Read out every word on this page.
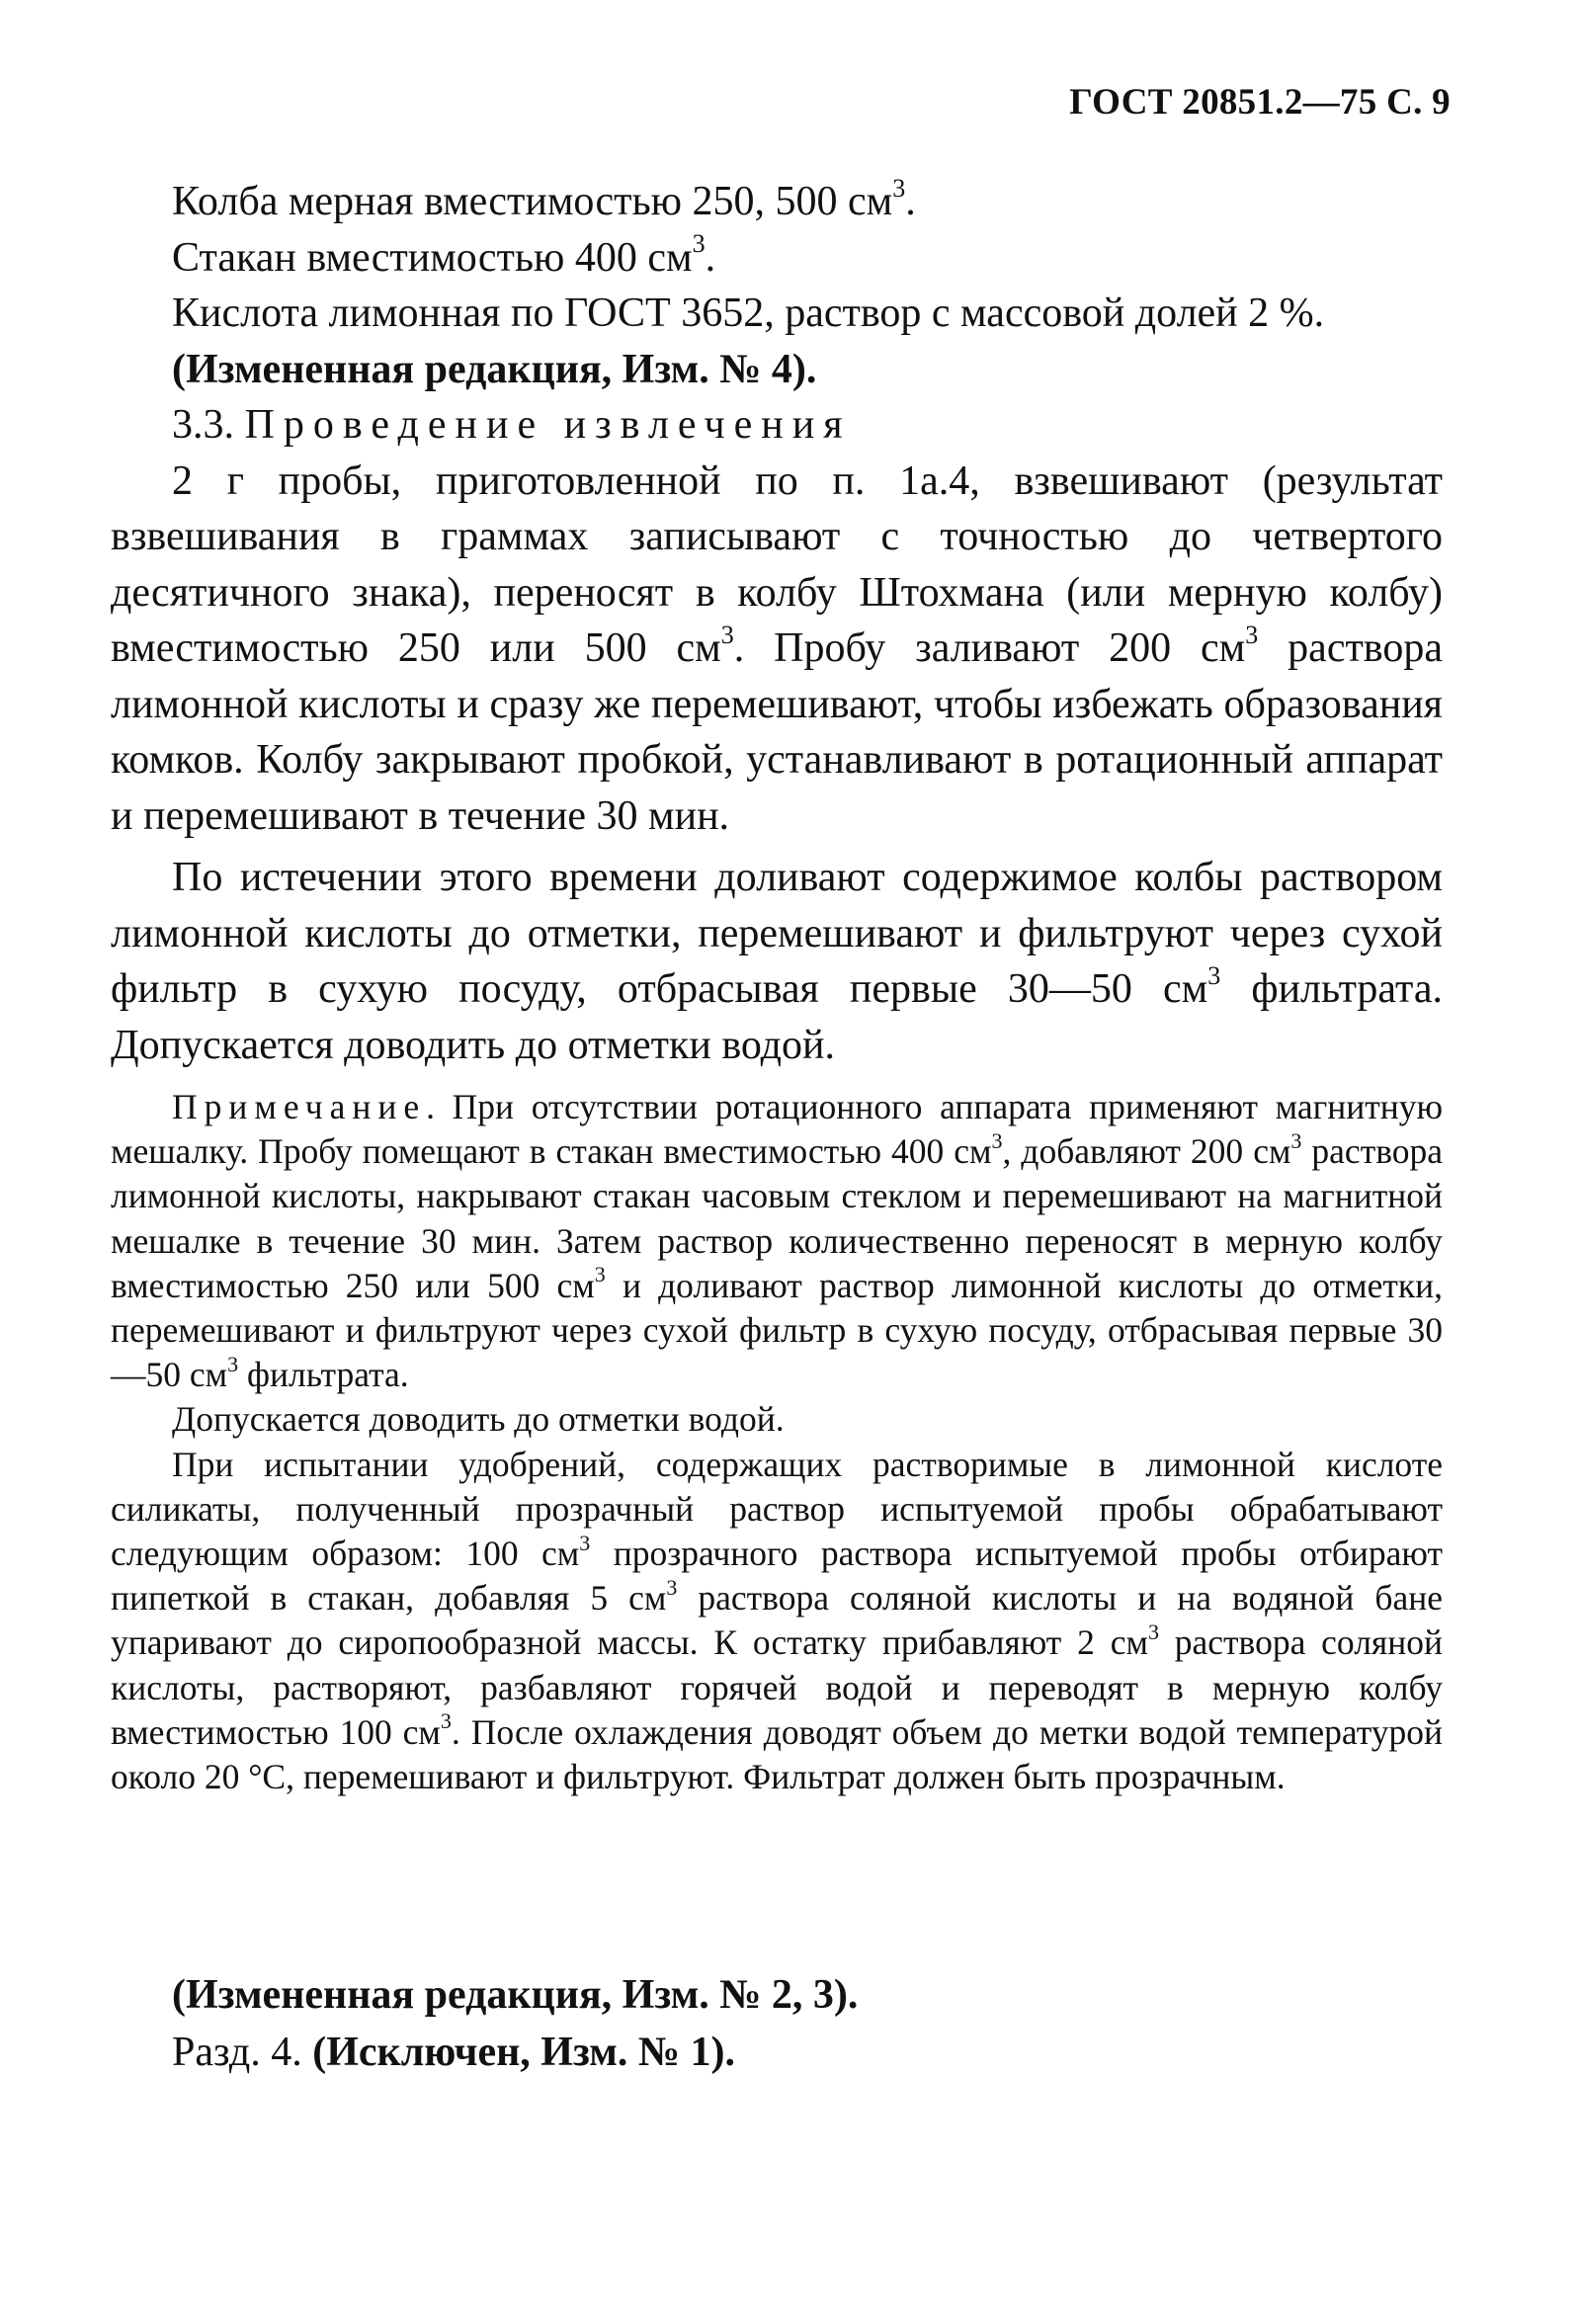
ГОСТ 20851.2—75 С. 9

Колба мерная вместимостью 250, 500 $см^3$.

Стакан вместимостью 400 $см^3$.

Кислота лимонная по ГОСТ 3652, раствор с массовой долей 2 %.

(Измененная редакция, Изм. № 4).

3.3. Проведение извлечения

2 г пробы, приготовленной по п. 1а.4, взвешивают (результат взвешивания в граммах записывают с точностью до четвертого десятичного знака), переносят в колбу Штохмана (или мерную колбу) вместимостью 250 или 500 $см^3$. Пробу заливают 200 $см^3$ раствора лимонной кислоты и сразу же перемешивают, чтобы избежать образования комков. Колбу закрывают пробкой, устанавливают в ротационный аппарат и перемешивают в течение 30 мин.

По истечении этого времени доливают содержимое колбы раствором лимонной кислоты до отметки, перемешивают и фильтруют через сухой фильтр в сухую посуду, отбрасывая первые 30—50 $см^3$ фильтрата. Допускается доводить до отметки водой.

Примечание. При отсутствии ротационного аппарата применяют магнитную мешалку. Пробу помещают в стакан вместимостью 400 $см^3$, добавляют 200 $см^3$ раствора лимонной кислоты, накрывают стакан часовым стеклом и перемешивают на магнитной мешалке в течение 30 мин. Затем раствор количественно переносят в мерную колбу вместимостью 250 или 500 $см^3$ и доливают раствор лимонной кислоты до отметки, перемешивают и фильтруют через сухой фильтр в сухую посуду, отбрасывая первые 30—50 $см^3$ фильтрата.

Допускается доводить до отметки водой.

При испытании удобрений, содержащих растворимые в лимонной кислоте силикаты, полученный прозрачный раствор испытуемой пробы обрабатывают следующим образом: 100 $см^3$ прозрачного раствора испытуемой пробы отбирают пипеткой в стакан, добавляя 5 $см^3$ раствора соляной кислоты и на водяной бане упаривают до сиропообразной массы. К остатку прибавляют 2 $см^3$ раствора соляной кислоты, растворяют, разбавляют горячей водой и переводят в мерную колбу вместимостью 100 $см^3$. После охлаждения доводят объем до метки водой температурой около 20 °С, перемешивают и фильтруют. Фильтрат должен быть прозрачным.

(Измененная редакция, Изм. № 2, 3).

Разд. 4. (Исключен, Изм. № 1).
